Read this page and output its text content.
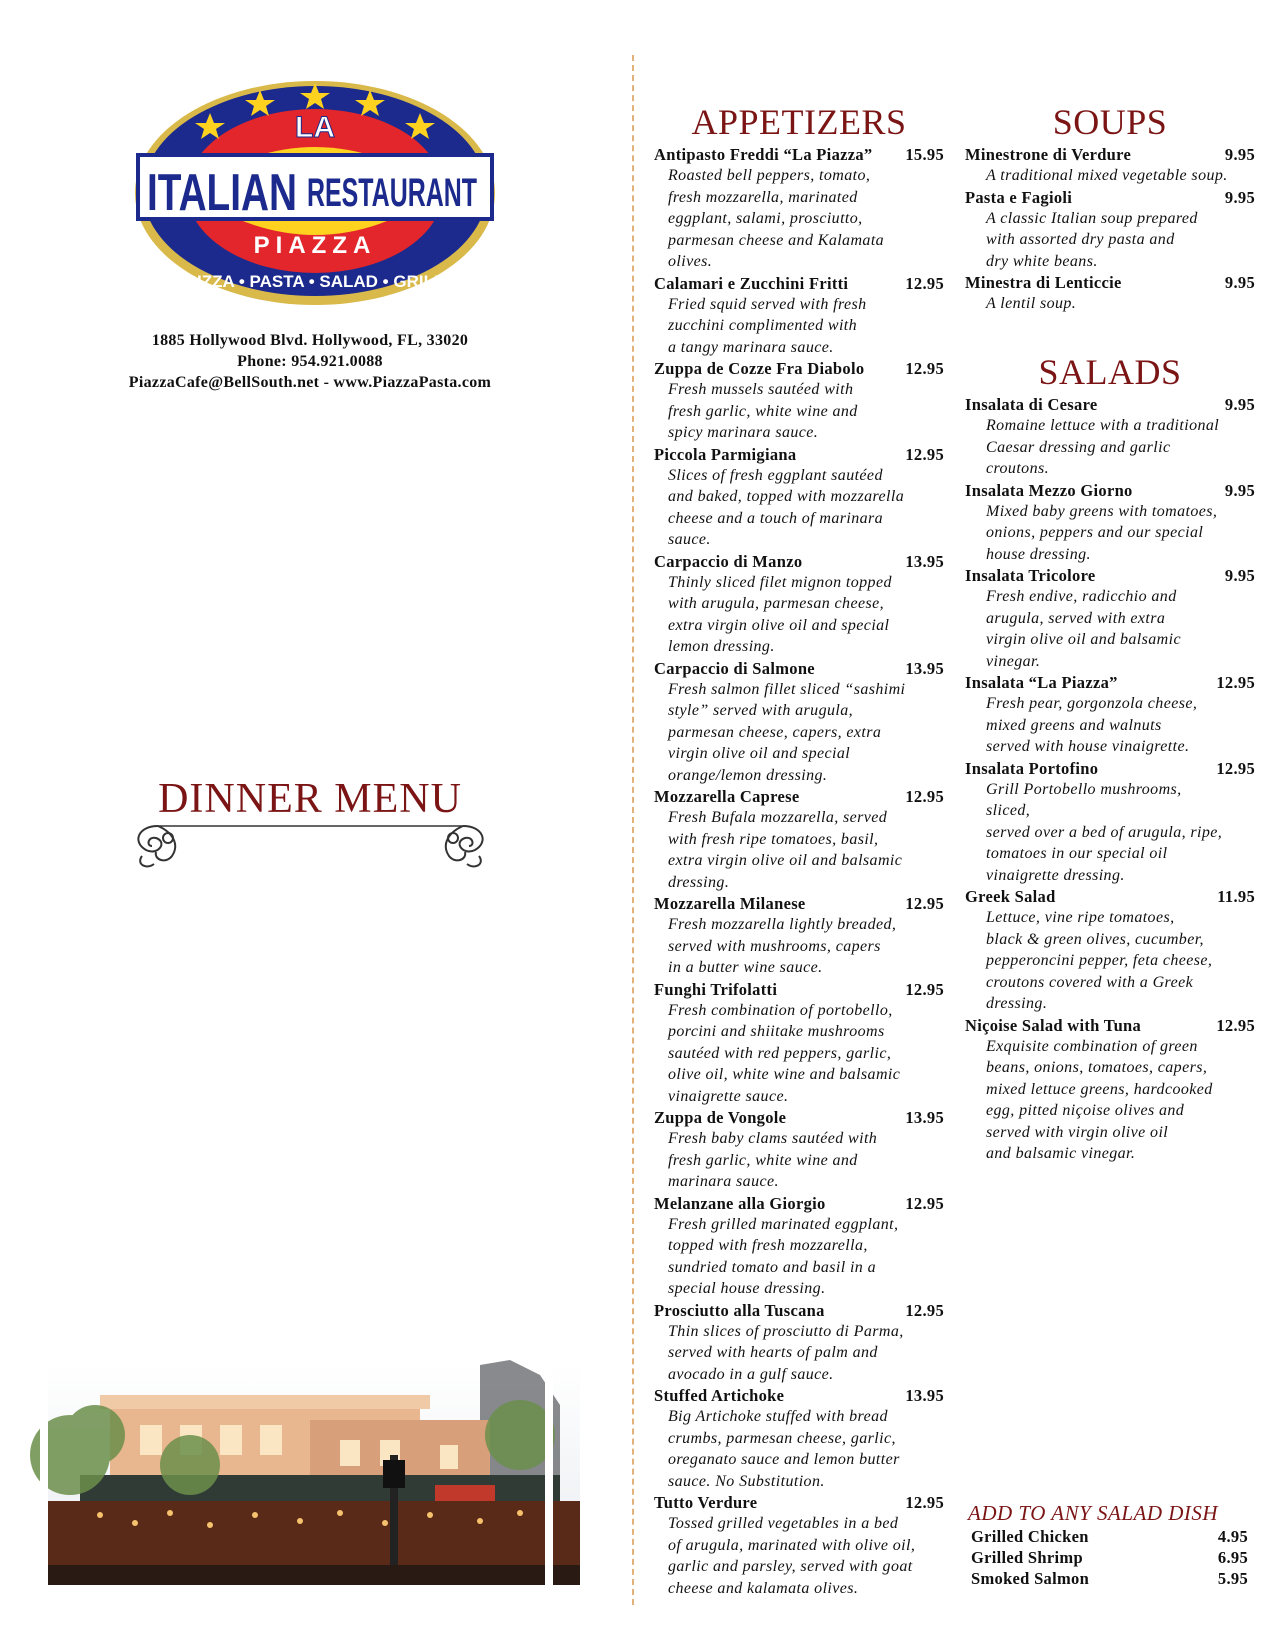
LA
ITALIAN RESTAURANT
PIAZZA
PIZZA • PASTA • SALAD • GRILL
1885 Hollywood Blvd. Hollywood, FL, 33020
Phone: 954.921.0088
PiazzaCafe@BellSouth.net - www.PiazzaPasta.com
DINNER MENU
APPETIZERS
Antipasto Freddi “La Piazza” 15.95
Roasted bell peppers, tomato,
fresh mozzarella, marinated
eggplant, salami, prosciutto,
parmesan cheese and Kalamata
olives.
Calamari e Zucchini Fritti	12.95
Fried squid served with fresh
zucchini complimented with
a tangy marinara sauce.
Zuppa de Cozze Fra Diabolo 12.95
Fresh mussels sautéed with
fresh garlic, white wine and
spicy marinara sauce.
Piccola Parmigiana	12.95
Slices of fresh eggplant sautéed
and baked, topped with mozzarella
cheese and a touch of marinara
sauce.
Carpaccio di Manzo	13.95
Thinly sliced filet mignon topped
with arugula, parmesan cheese,
extra virgin olive oil and special
lemon dressing.
Carpaccio di Salmone	13.95
Fresh salmon fillet sliced “sashimi
style” served with arugula,
parmesan cheese, capers, extra
virgin olive oil and special
orange/lemon dressing.
Mozzarella Caprese	12.95
Fresh Bufala mozzarella, served
with fresh ripe tomatoes, basil,
extra virgin olive oil and balsamic
dressing.
Mozzarella Milanese	12.95
Fresh mozzarella lightly breaded,
served with mushrooms, capers
in a butter wine sauce.
Funghi Trifolatti	12.95
Fresh combination of portobello,
porcini and shiitake mushrooms
sautéed with red peppers, garlic,
olive oil, white wine and balsamic
vinaigrette sauce.
Zuppa de Vongole	13.95
Fresh baby clams sautéed with
fresh garlic, white wine and
marinara sauce.
Melanzane alla Giorgio	12.95
Fresh grilled marinated eggplant,
topped with fresh mozzarella,
sundried tomato and basil in a
special house dressing.
Prosciutto alla Tuscana	12.95
Thin slices of prosciutto di Parma,
served with hearts of palm and
avocado in a gulf sauce.
Stuffed Artichoke	13.95
Big Artichoke stuffed with bread
crumbs, parmesan cheese, garlic,
oreganato sauce and lemon butter
sauce. No Substitution.
Tutto Verdure	12.95
Tossed grilled vegetables in a bed
of arugula, marinated with olive oil,
garlic and parsley, served with goat
cheese and kalamata olives.
SOUPS
Minestrone di Verdure	9.95
A traditional mixed vegetable soup.
Pasta e Fagioli	9.95
A classic Italian soup prepared
with assorted dry pasta and
dry white beans.
Minestra di Lenticcie	9.95
A lentil soup.
SALADS
Insalata di Cesare	9.95
Romaine lettuce with a traditional
Caesar dressing and garlic
croutons.
Insalata Mezzo Giorno	9.95
Mixed baby greens with tomatoes,
onions, peppers and our special
house dressing.
Insalata Tricolore	9.95
Fresh endive, radicchio and
arugula, served with extra
virgin olive oil and balsamic
vinegar.
Insalata “La Piazza”	12.95
Fresh pear, gorgonzola cheese,
mixed greens and walnuts
served with house vinaigrette.
Insalata Portofino	12.95
Grill Portobello mushrooms,
sliced,
served over a bed of arugula, ripe,
tomatoes in our special oil
vinaigrette dressing.
Greek Salad	11.95
Lettuce, vine ripe tomatoes,
black & green olives, cucumber,
pepperoncini pepper, feta cheese,
croutons covered with a Greek
dressing.
Niçoise Salad with Tuna	12.95
Exquisite combination of green
beans, onions, tomatoes, capers,
mixed lettuce greens, hardcooked
egg, pitted niçoise olives and
served with virgin olive oil
and balsamic vinegar.
ADD TO ANY SALAD DISH
Grilled Chicken	4.95
Grilled Shrimp	6.95
Smoked Salmon	5.95
